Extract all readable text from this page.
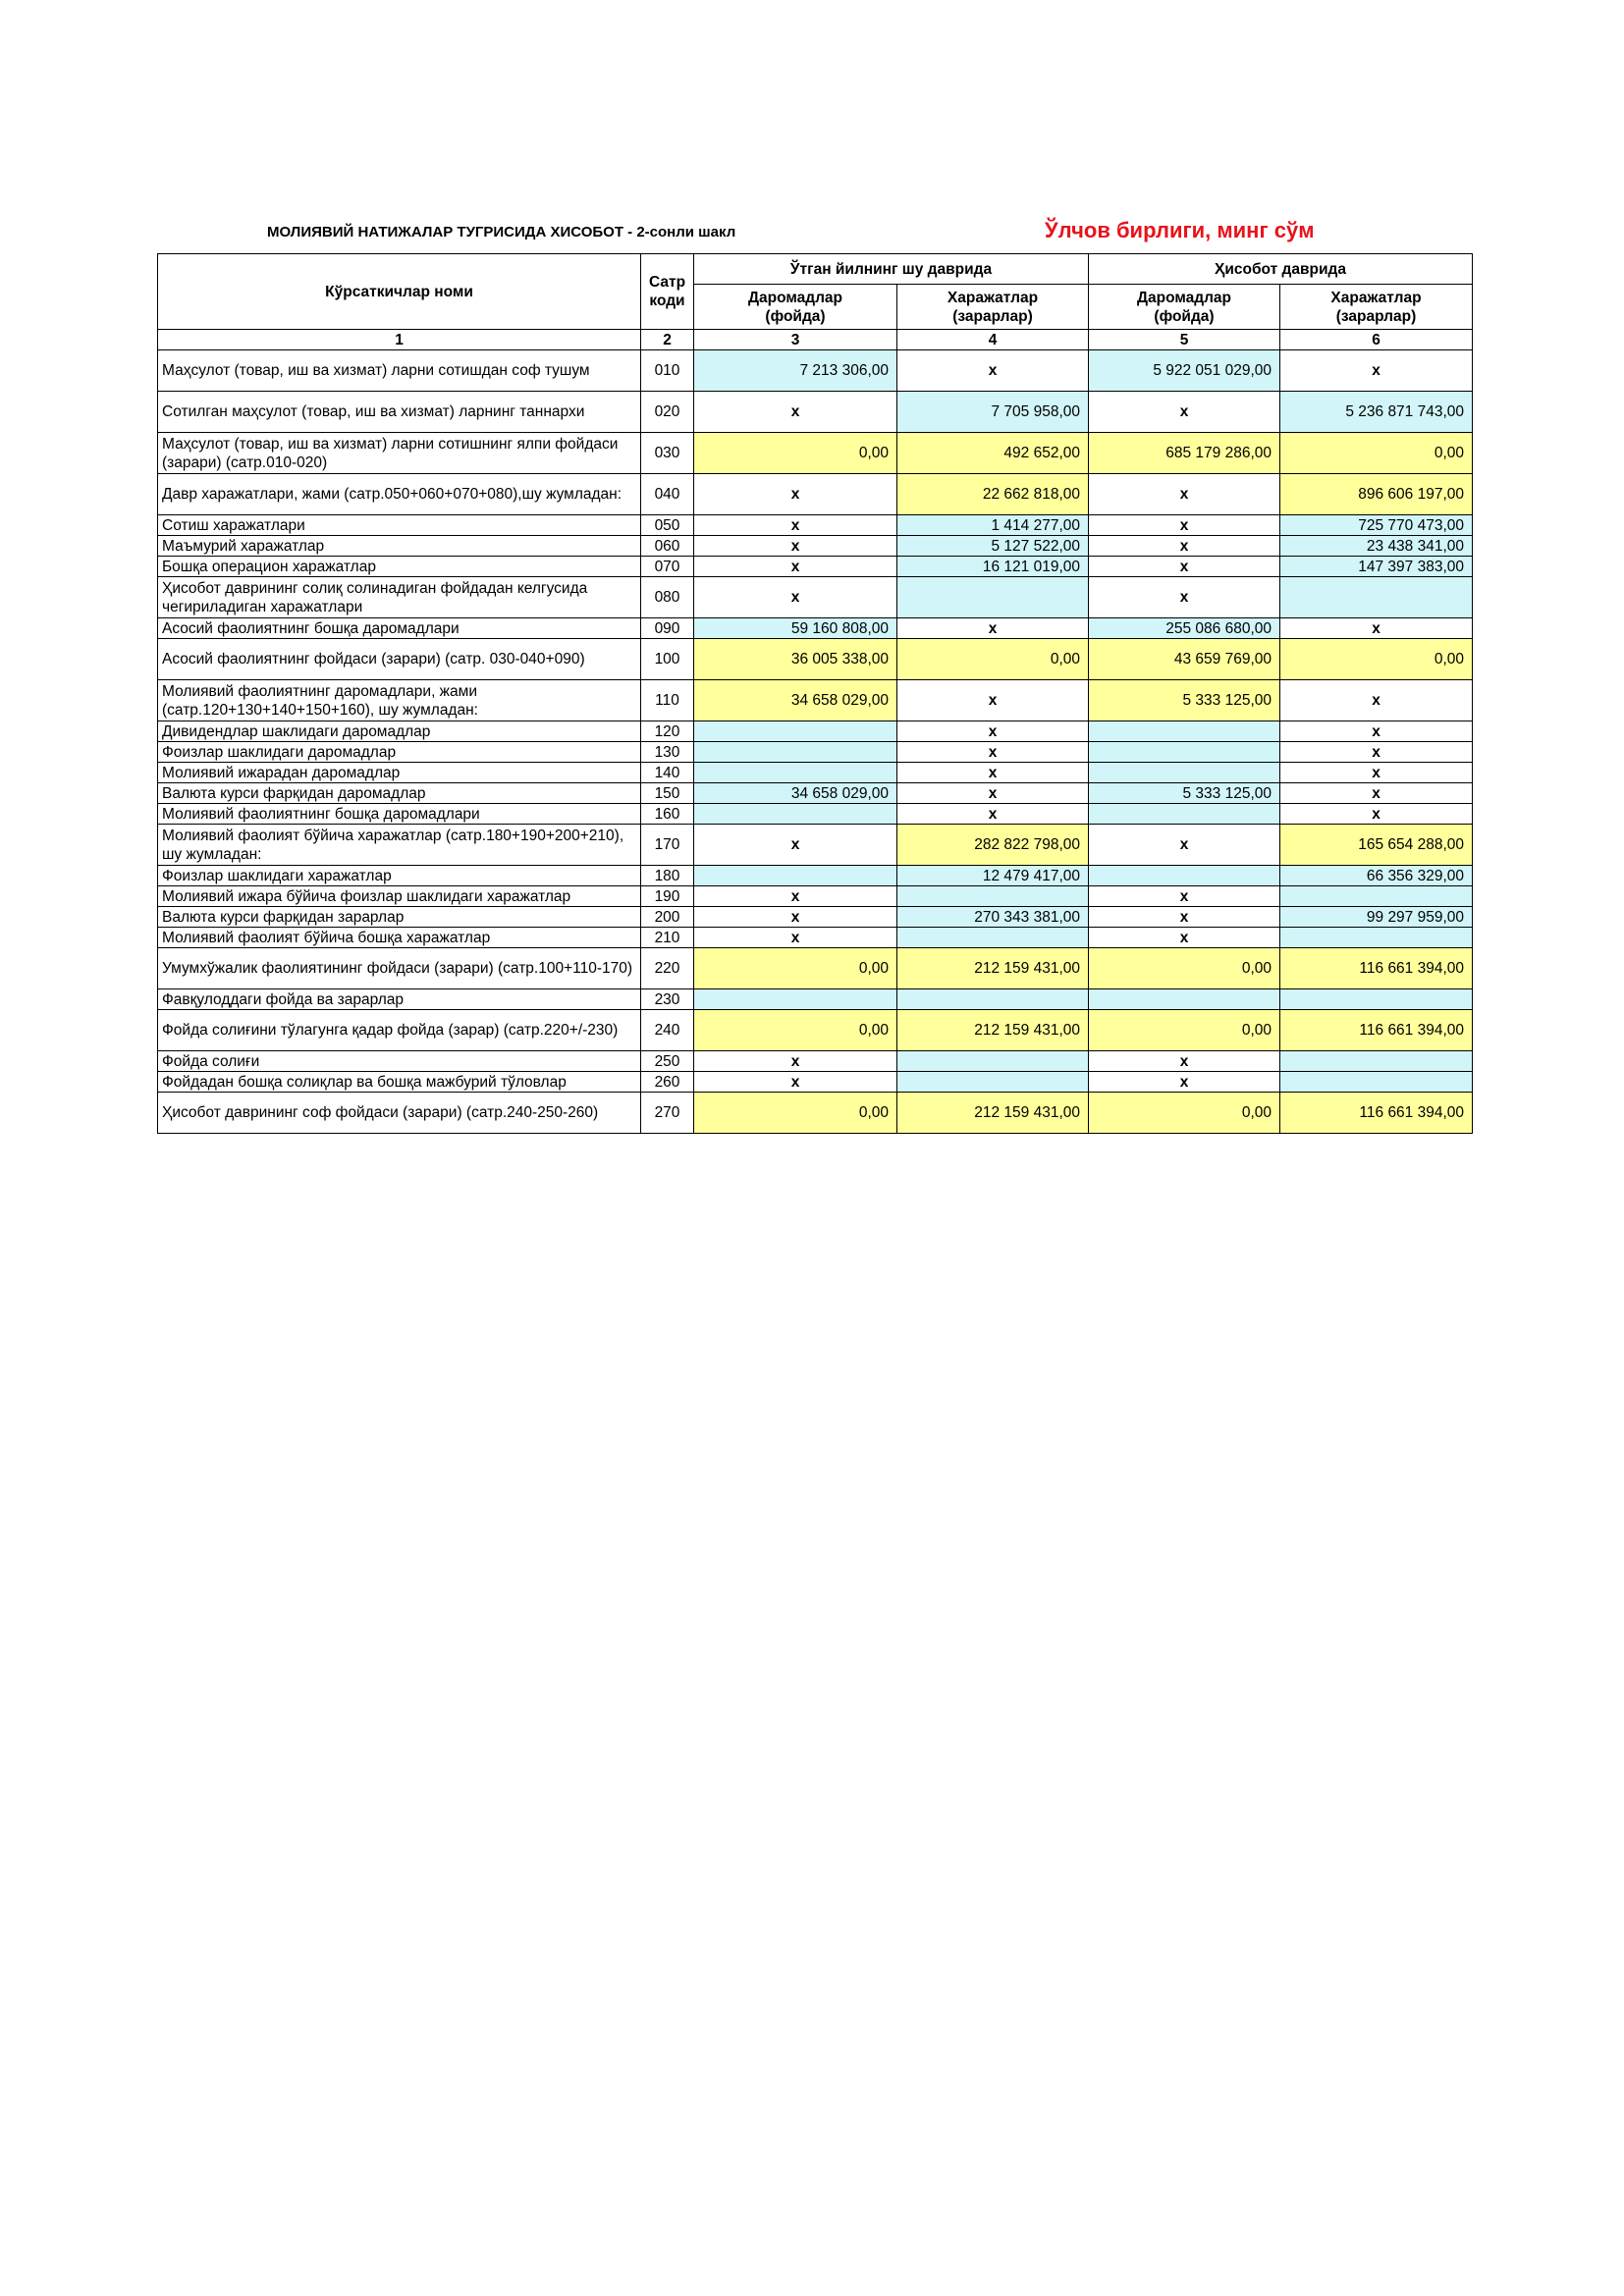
МОЛИЯВИЙ НАТИЖАЛАР ТУГРИСИДА ХИСОБОТ - 2-сонли шакл	Ўлчов бирлиги, минг сўм
Кўрсаткичлар номи	Сатр коди	Ўтган йилнинг шу даврида		Ҳисобот даврида	
		Даромадлар (фойда)	Харажатлар (зарарлар)	Даромадлар (фойда)	Харажатлар (зарарлар)
1	2	3	4	5	6
Маҳсулот (товар, иш ва хизмат) ларни сотишдан соф тушум	010	7 213 306,00	x	5 922 051 029,00	x
Сотилган маҳсулот (товар, иш ва хизмат) ларнинг таннархи	020	x	7 705 958,00	x	5 236 871 743,00
Маҳсулот (товар, иш ва хизмат) ларни сотишнинг ялпи фойдаси (зарари) (сатр.010-020)	030	0,00	492 652,00	685 179 286,00	0,00
Давр харажатлари, жами (сатр.050+060+070+080),шу жумладан:	040	x	22 662 818,00	x	896 606 197,00
Сотиш харажатлари	050	x	1 414 277,00	x	725 770 473,00
Маъмурий харажатлар	060	x	5 127 522,00	x	23 438 341,00
Бошқа операцион харажатлар	070	x	16 121 019,00	x	147 397 383,00
Ҳисобот даврининг солиқ солинадиган фойдадан келгусида чегириладиган харажатлари	080	x		x	
Асосий фаолиятнинг бошқа даромадлари	090	59 160 808,00	x	255 086 680,00	x
Асосий фаолиятнинг фойдаси (зарари) (сатр. 030-040+090)	100	36 005 338,00	0,00	43 659 769,00	0,00
Молиявий фаолиятнинг даромадлари, жами (сатр.120+130+140+150+160), шу жумладан:	110	34 658 029,00	x	5 333 125,00	x
Дивидендлар шаклидаги даромадлар	120		x		x
Фоизлар шаклидаги даромадлар	130		x		x
Молиявий ижарадан даромадлар	140		x		x
Валюта курси фарқидан даромадлар	150	34 658 029,00	x	5 333 125,00	x
Молиявий фаолиятнинг бошқа даромадлари	160		x		x
Молиявий фаолият бўйича харажатлар (сатр.180+190+200+210), шу жумладан:	170	x	282 822 798,00	x	165 654 288,00
Фоизлар шаклидаги харажатлар	180		12 479 417,00		66 356 329,00
Молиявий ижара бўйича фоизлар шаклидаги харажатлар	190	x		x	
Валюта курси фарқидан зарарлар	200	x	270 343 381,00	x	99 297 959,00
Молиявий фаолият бўйича бошқа харажатлар	210	x		x	
Умумхўжалик фаолиятининг фойдаси (зарари) (сатр.100+110-170)	220	0,00	212 159 431,00	0,00	116 661 394,00
Фавқулоддаги фойда ва зарарлар	230				
Фойда солиғини тўлагунга қадар фойда (зарар) (сатр.220+/-230)	240	0,00	212 159 431,00	0,00	116 661 394,00
Фойда солиғи	250	x		x	
Фойдадан бошқа солиқлар ва бошқа мажбурий тўловлар	260	x		x	
Ҳисобот даврининг соф фойдаси (зарари) (сатр.240-250-260)	270	0,00	212 159 431,00	0,00	116 661 394,00
